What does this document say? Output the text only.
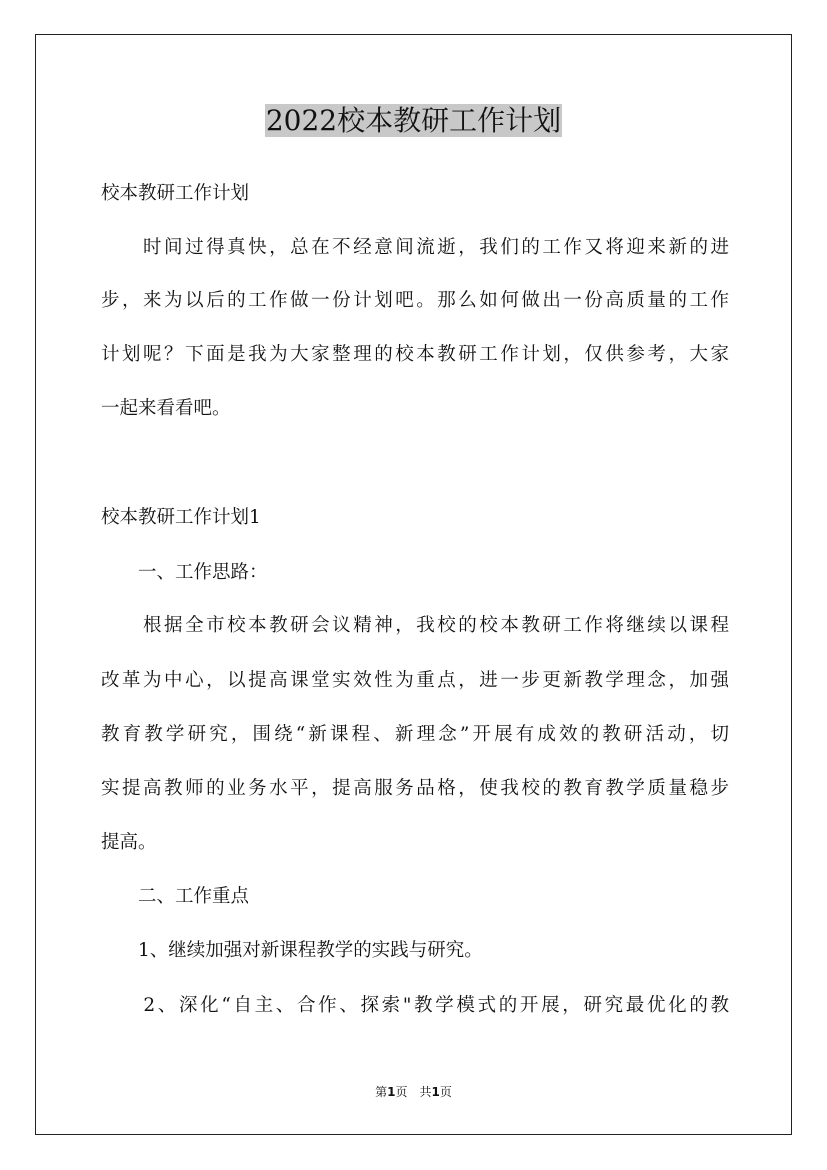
2022校本教研工作计划
校本教研工作计划
　　时间过得真快，总在不经意间流逝，我们的工作又将迎来新的进
步，来为以后的工作做一份计划吧。那么如何做出一份高质量的工作
计划呢？下面是我为大家整理的校本教研工作计划，仅供参考，大家
一起来看看吧。
校本教研工作计划1
　　一、工作思路：
　　根据全市校本教研会议精神，我校的校本教研工作将继续以课程
改革为中心，以提高课堂实效性为重点，进一步更新教学理念，加强
教育教学研究，围绕“新课程、新理念”开展有成效的教研活动，切
实提高教师的业务水平，提高服务品格，使我校的教育教学质量稳步
提高。
　　二、工作重点
　　1、继续加强对新课程教学的实践与研究。
　　2、深化“自主、合作、探索"教学模式的开展，研究最优化的教
第1页 共1页
